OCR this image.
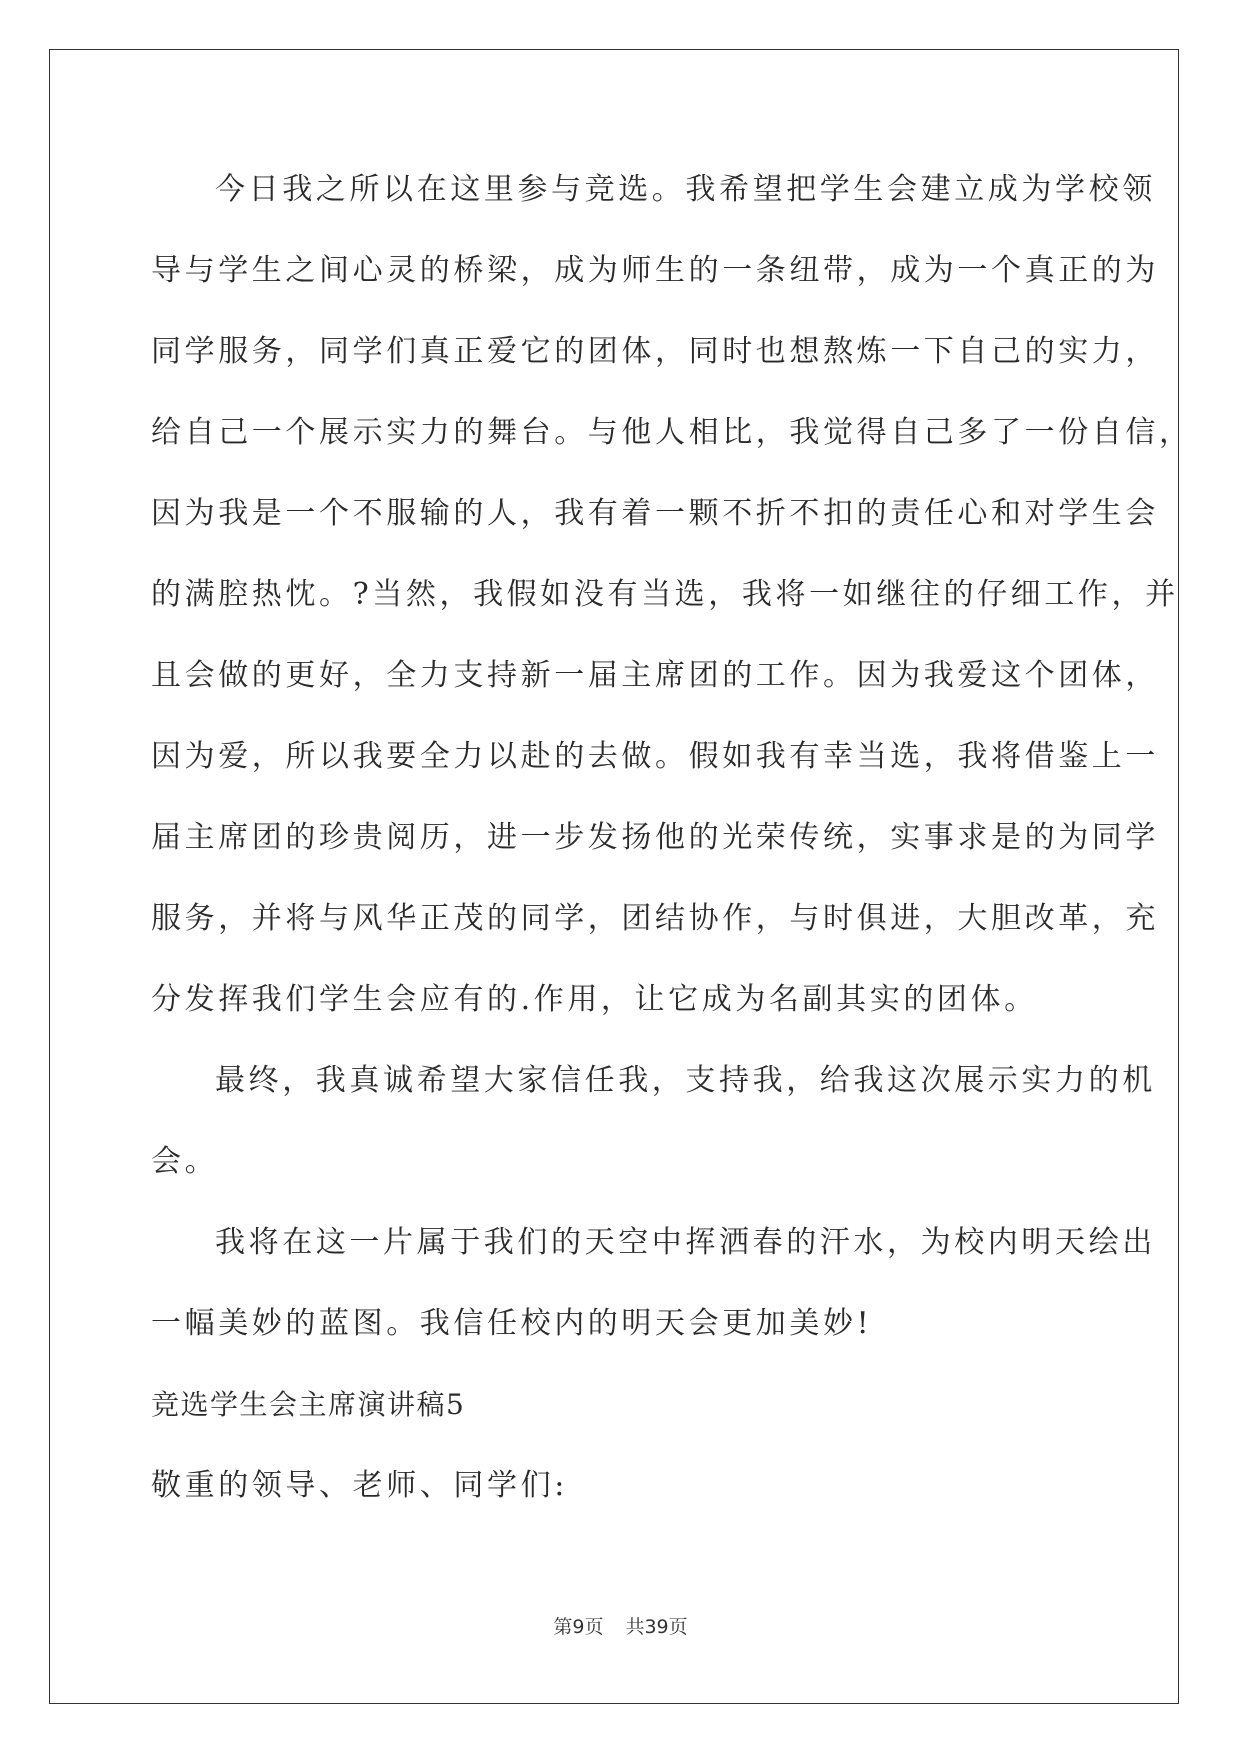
今日我之所以在这里参与竞选。我希望把学生会建立成为学校领
导与学生之间心灵的桥梁，成为师生的一条纽带，成为一个真正的为
同学服务，同学们真正爱它的团体，同时也想熬炼一下自己的实力，
给自己一个展示实力的舞台。与他人相比，我觉得自己多了一份自信，
因为我是一个不服输的人，我有着一颗不折不扣的责任心和对学生会
的满腔热忱。?当然，我假如没有当选，我将一如继往的仔细工作，并
且会做的更好，全力支持新一届主席团的工作。因为我爱这个团体，
因为爱，所以我要全力以赴的去做。假如我有幸当选，我将借鉴上一
届主席团的珍贵阅历，进一步发扬他的光荣传统，实事求是的为同学
服务，并将与风华正茂的同学，团结协作，与时俱进，大胆改革，充
分发挥我们学生会应有的.作用，让它成为名副其实的团体。
最终，我真诚希望大家信任我，支持我，给我这次展示实力的机
会。
我将在这一片属于我们的天空中挥洒春的汗水，为校内明天绘出
一幅美妙的蓝图。我信任校内的明天会更加美妙!
竞选学生会主席演讲稿5
敬重的领导、老师、同学们:
第9页 共39页
